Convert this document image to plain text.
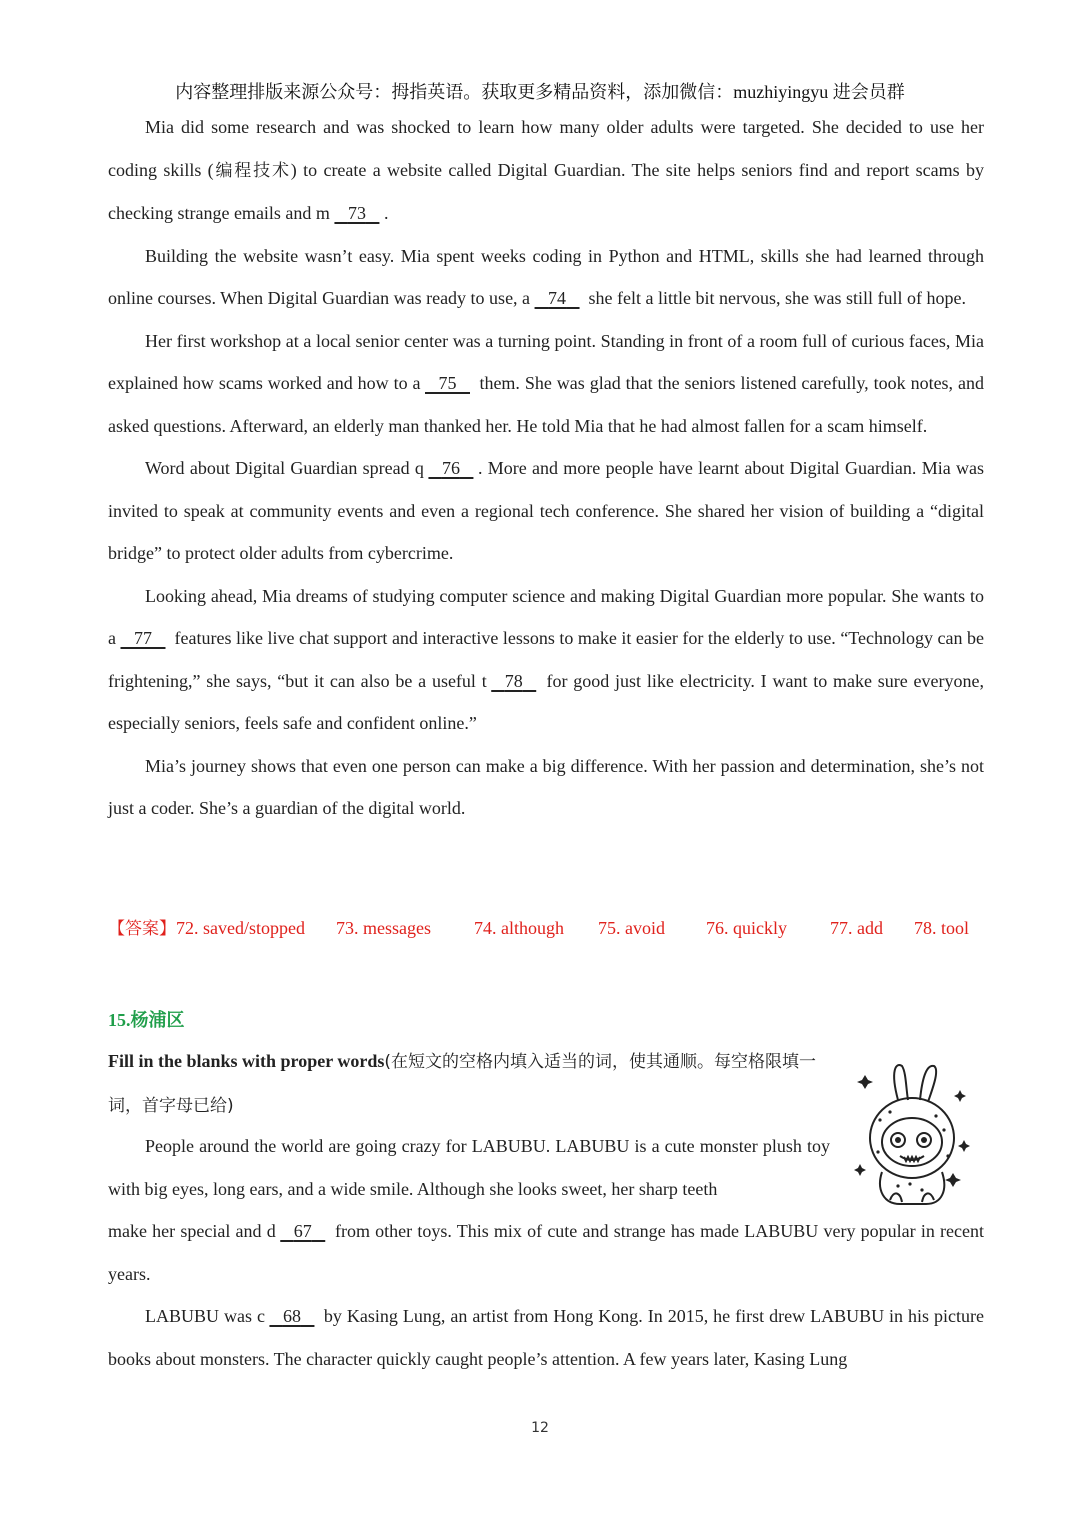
内容整理排版来源公众号：拇指英语。获取更多精品资料，添加微信：muzhiyingyu 进会员群

Mia did some research and was shocked to learn how many older adults were targeted. She decided to use her coding skills (编程技术) to create a website called Digital Guardian. The site helps seniors find and report scams by checking strange emails and m 73 .

Building the website wasn’t easy. Mia spent weeks coding in Python and HTML, skills she had learned through online courses. When Digital Guardian was ready to use, a 74 she felt a little bit nervous, she was still full of hope.

Her first workshop at a local senior center was a turning point. Standing in front of a room full of curious faces, Mia explained how scams worked and how to a 75 them. She was glad that the seniors listened carefully, took notes, and asked questions. Afterward, an elderly man thanked her. He told Mia that he had almost fallen for a scam himself.

Word about Digital Guardian spread q 76 . More and more people have learnt about Digital Guardian. Mia was invited to speak at community events and even a regional tech conference. She shared her vision of building a “digital bridge” to protect older adults from cybercrime.

Looking ahead, Mia dreams of studying computer science and making Digital Guardian more popular. She wants to a 77 features like live chat support and interactive lessons to make it easier for the elderly to use. “Technology can be frightening,” she says, “but it can also be a useful t 78 for good just like electricity. I want to make sure everyone, especially seniors, feels safe and confident online.”

Mia’s journey shows that even one person can make a big difference. With her passion and determination, she’s not just a coder. She’s a guardian of the digital world.

【答案】72. saved/stopped 73. messages 74. although 75. avoid 76. quickly 77. add 78. tool
15.杨浦区
Fill in the blanks with proper words(在短文的空格内填入适当的词，使其通顺。每空格限填一词，首字母已给)

People around the world are going crazy for LABUBU. LABUBU is a cute monster plush toy with big eyes, long ears, and a wide smile. Although she looks sweet, her sharp teeth
make her special and d 67 from other toys. This mix of cute and strange has made LABUBU very popular in recent years.

LABUBU was c 68 by Kasing Lung, an artist from Hong Kong. In 2015, he first drew LABUBU in his picture books about monsters. The character quickly caught people’s attention. A few years later, Kasing Lung

12
